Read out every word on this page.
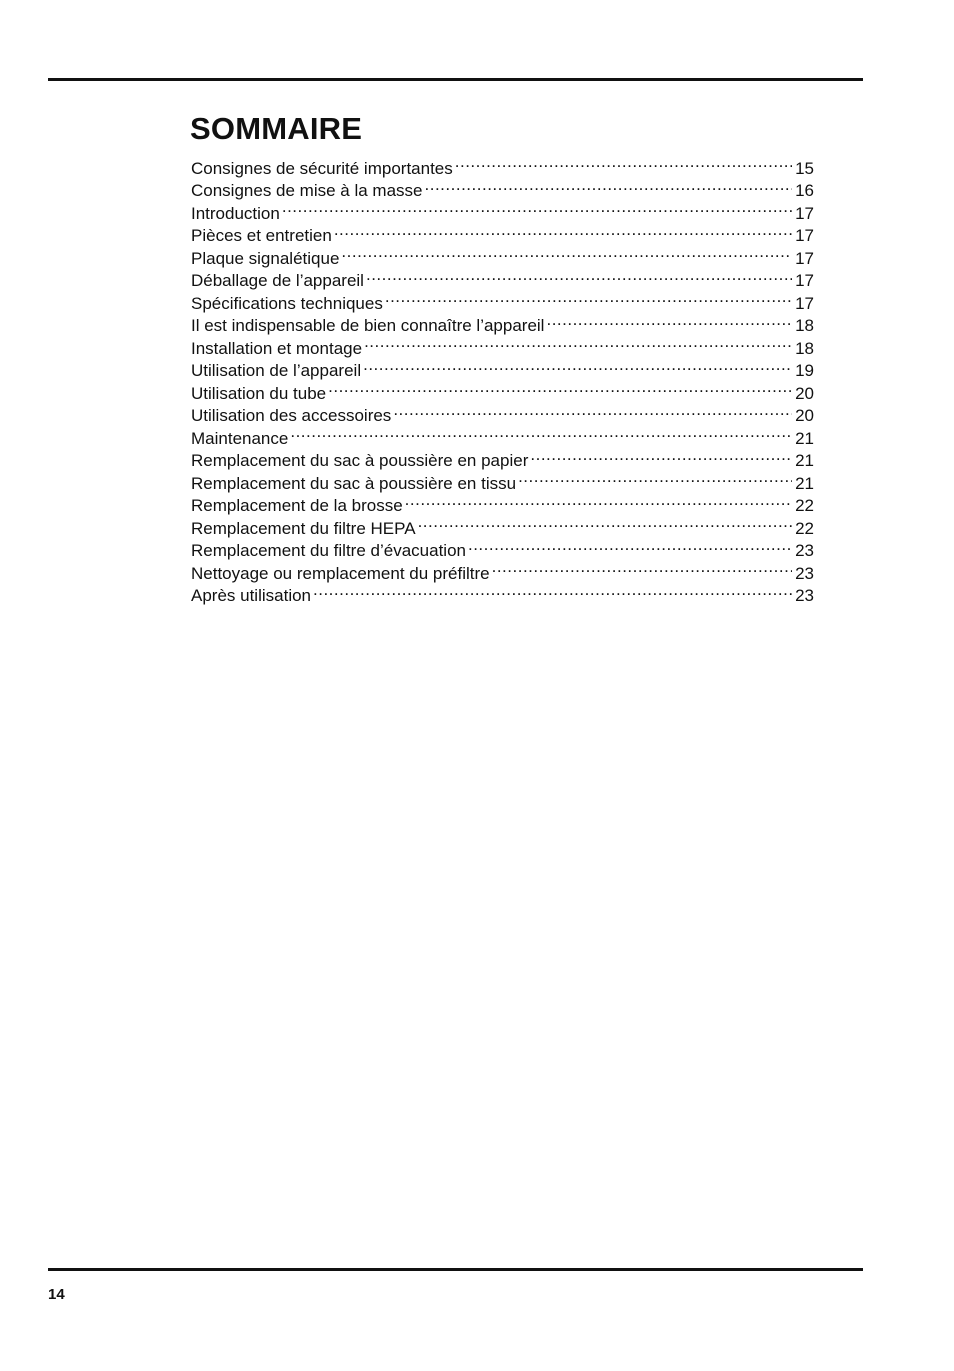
SOMMAIRE
Consignes de sécurité importantes .....	15
Consignes de mise à la masse .....	16
Introduction .....	17
Pièces et entretien .....	17
Plaque signalétique .....	17
Déballage de l’appareil .....	17
Spécifications techniques .....	17
Il est indispensable de bien connaître l’appareil .....	18
Installation et montage .....	18
Utilisation de l’appareil .....	19
Utilisation du tube .....	20
Utilisation des accessoires .....	20
Maintenance .....	21
Remplacement du sac à poussière en papier .....	21
Remplacement du sac à poussière en tissu .....	21
Remplacement de la brosse .....	22
Remplacement du filtre HEPA .....	22
Remplacement du filtre d’évacuation .....	23
Nettoyage ou remplacement du préfiltre .....	23
Après utilisation .....	23
14
